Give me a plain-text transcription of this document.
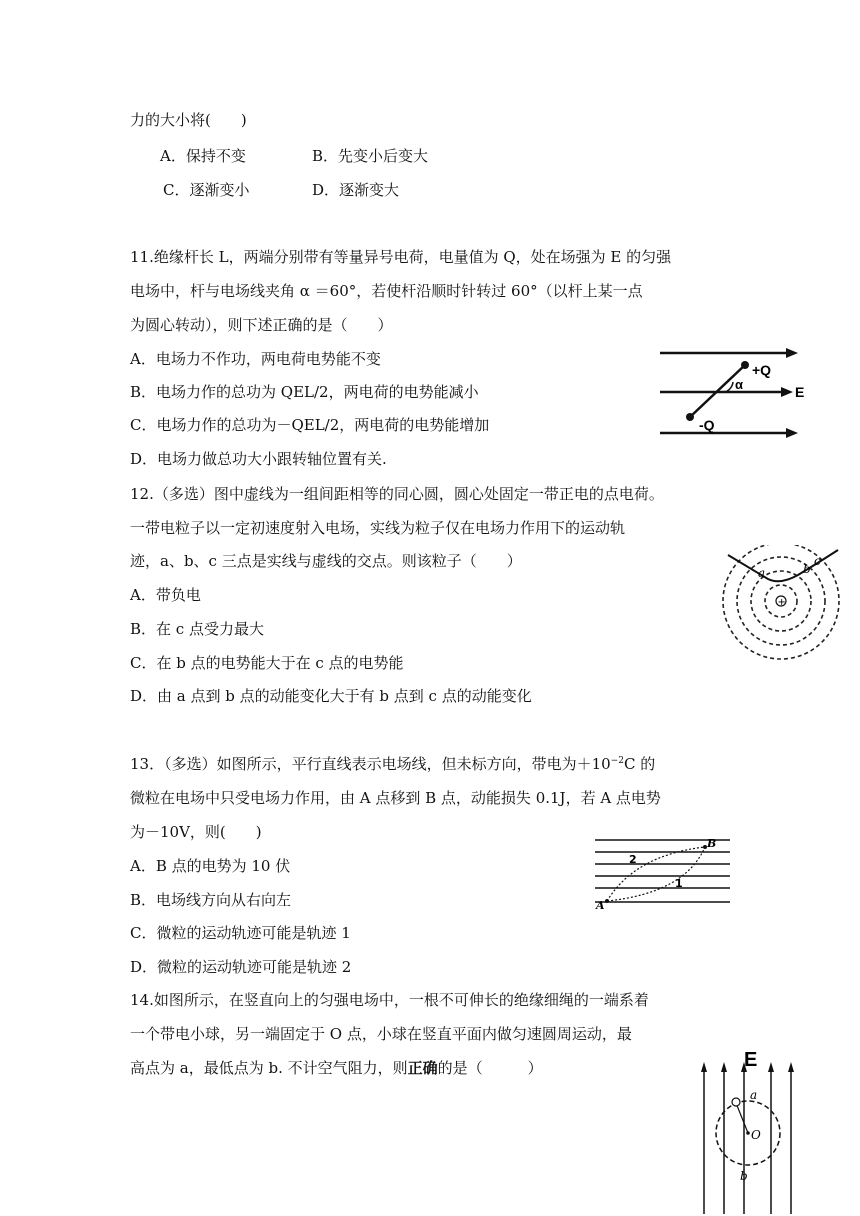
力的大小将(　　)
A．保持不变	B．先变小后变大
C．逐渐变小	D．逐渐变大
11.绝缘杆长 L，两端分别带有等量异号电荷，电量值为 Q，处在场强为 E 的匀强
电场中，杆与电场线夹角 α ＝60°，若使杆沿顺时针转过 60°（以杆上某一点
为圆心转动），则下述正确的是（　　）
A．电场力不作功，两电荷电势能不变
B．电场力作的总功为 QEL/2，两电荷的电势能减小
C．电场力作的总功为－QEL/2，两电荷的电势能增加
D．电场力做总功大小跟转轴位置有关.
+Q
α	E
-Q
12.（多选）图中虚线为一组间距相等的同心圆，圆心处固定一带正电的点电荷。
一带电粒子以一定初速度射入电场，实线为粒子仅在电场力作用下的运动轨
迹，a、b、c 三点是实线与虚线的交点。则该粒子（　　）
A．带负电
B．在 c 点受力最大
C．在 b 点的电势能大于在 c 点的电势能
D．由 a 点到 b 点的动能变化大于有 b 点到 c 点的动能变化
+
a	b
c
13．（多选）如图所示，平行直线表示电场线，但未标方向，带电为$+10^{-2}C$ 的
微粒在电场中只受电场力作用，由 A 点移到 B 点，动能损失 0.1J，若 A 点电势
为－10V，则(　　)
A．B 点的电势为 10 伏
B．电场线方向从右向左
C．微粒的运动轨迹可能是轨迹 1
D．微粒的运动轨迹可能是轨迹 2
A
B
2
1
14.如图所示，在竖直向上的匀强电场中，一根不可伸长的绝缘细绳的一端系着
一个带电小球，另一端固定于 O 点，小球在竖直平面内做匀速圆周运动，最
高点为 a，最低点为 b. 不计空气阻力，则正确的是（　　　）	E
a
O
b
